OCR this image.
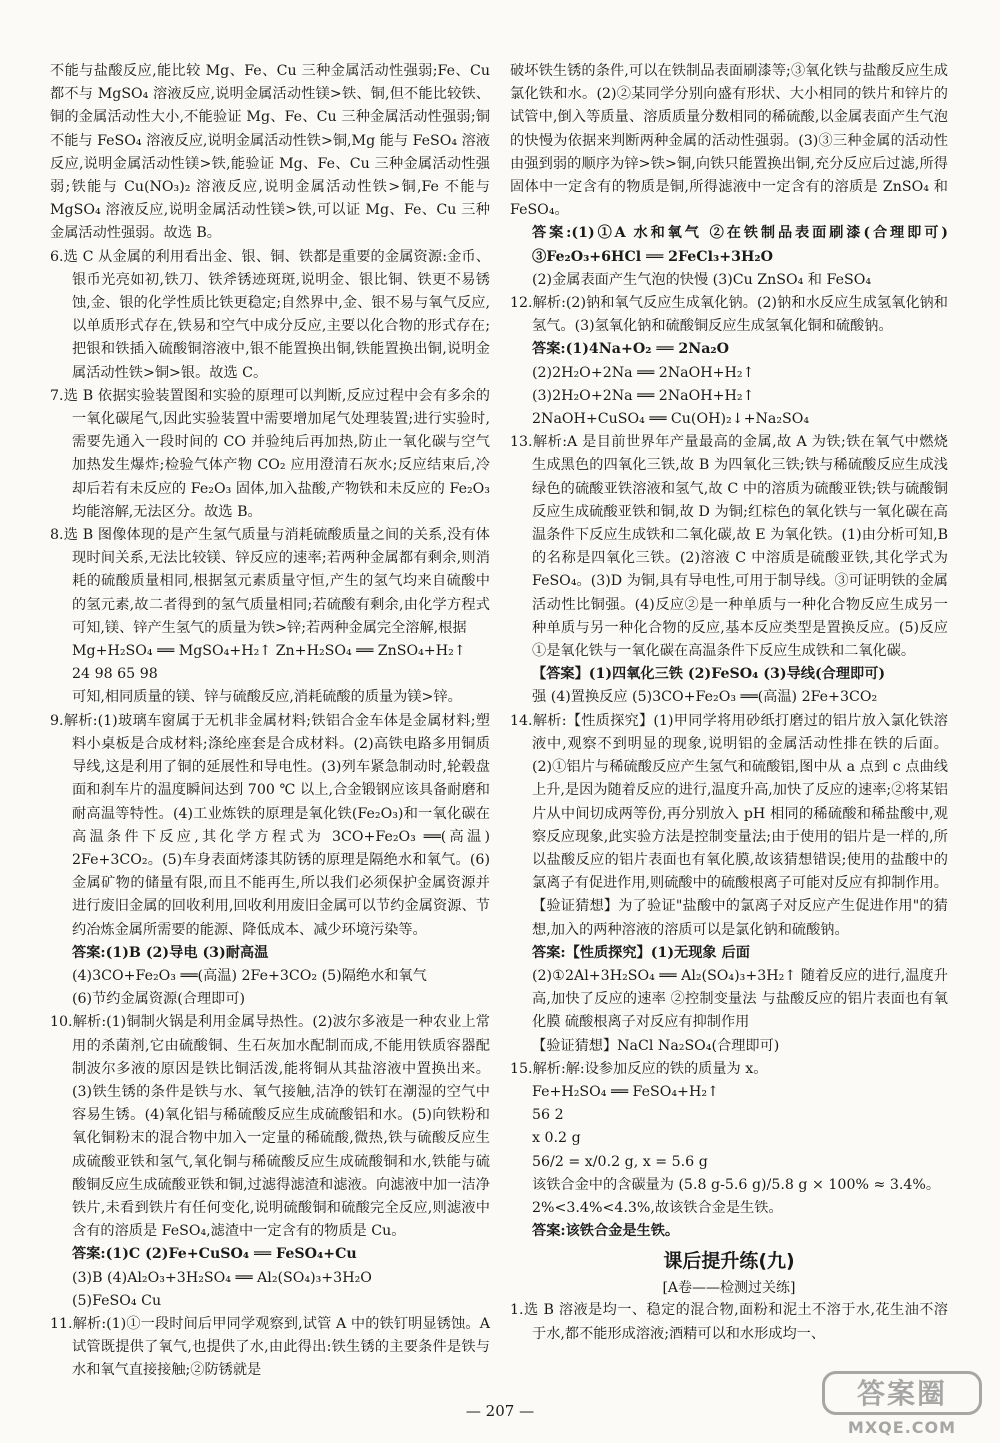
不能与盐酸反应,能比较 Mg、Fe、Cu 三种金属活动性强弱;Fe、Cu 都不与 MgSO₄ 溶液反应,说明金属活动性镁>铁、铜,但不能比较铁、铜的金属活动性大小,不能验证 Mg、Fe、Cu 三种金属活动性强弱;铜不能与 FeSO₄ 溶液反应,说明金属活动性铁>铜,Mg 能与 FeSO₄ 溶液反应,说明金属活动性镁>铁,能验证 Mg、Fe、Cu 三种金属活动性强弱;铁能与 Cu(NO₃)₂ 溶液反应,说明金属活动性铁>铜,Fe 不能与 MgSO₄ 溶液反应,说明金属活动性镁>铁,可以证 Mg、Fe、Cu 三种金属活动性强弱。故选 B。

6.选 C 从金属的利用看出金、银、铜、铁都是重要的金属资源:金币、银币光亮如初,铁刀、铁斧锈迹斑斑,说明金、银比铜、铁更不易锈蚀,金、银的化学性质比铁更稳定;自然界中,金、银不易与氧气反应,以单质形式存在,铁易和空气中成分反应,主要以化合物的形式存在;把银和铁插入硫酸铜溶液中,银不能置换出铜,铁能置换出铜,说明金属活动性铁>铜>银。故选 C。

7.选 B 依据实验装置图和实验的原理可以判断,反应过程中会有多余的一氧化碳尾气,因此实验装置中需要增加尾气处理装置;进行实验时,需要先通入一段时间的 CO 并验纯后再加热,防止一氧化碳与空气加热发生爆炸;检验气体产物 CO₂ 应用澄清石灰水;反应结束后,冷却后若有未反应的 Fe₂O₃ 固体,加入盐酸,产物铁和未反应的 Fe₂O₃ 均能溶解,无法区分。故选 B。

8.选 B 图像体现的是产生氢气质量与消耗硫酸质量之间的关系,没有体现时间关系,无法比较镁、锌反应的速率;若两种金属都有剩余,则消耗的硫酸质量相同,根据氢元素质量守恒,产生的氢气均来自硫酸中的氢元素,故二者得到的氢气质量相同;若硫酸有剩余,由化学方程式可知,镁、锌产生氢气的质量为铁>锌;若两种金属完全溶解,根据

Mg+H₂SO₄ ══ MgSO₄+H₂↑ Zn+H₂SO₄ ══ ZnSO₄+H₂↑

24 98 65 98

可知,相同质量的镁、锌与硫酸反应,消耗硫酸的质量为镁>锌。

9.解析:(1)玻璃车窗属于无机非金属材料;铁铝合金车体是金属材料;塑料小桌板是合成材料;涤纶座套是合成材料。(2)高铁电路多用铜质导线,这是利用了铜的延展性和导电性。(3)列车紧急制动时,轮毂盘面和刹车片的温度瞬间达到 700 ℃ 以上,合金锻钢应该具备耐磨和耐高温等特性。(4)工业炼铁的原理是氧化铁(Fe₂O₃)和一氧化碳在高温条件下反应,其化学方程式为 3CO+Fe₂O₃ ══(高温) 2Fe+3CO₂。(5)车身表面烤漆其防锈的原理是隔绝水和氧气。(6)金属矿物的储量有限,而且不能再生,所以我们必须保护金属资源并进行废旧金属的回收利用,回收利用废旧金属可以节约金属资源、节约冶炼金属所需要的能源、降低成本、减少环境污染等。

答案:(1)B (2)导电 (3)耐高温

(4)3CO+Fe₂O₃ ══(高温) 2Fe+3CO₂ (5)隔绝水和氧气

(6)节约金属资源(合理即可)

10.解析:(1)铜制火锅是利用金属导热性。(2)波尔多液是一种农业上常用的杀菌剂,它由硫酸铜、生石灰加水配制而成,不能用铁质容器配制波尔多液的原因是铁比铜活泼,能将铜从其盐溶液中置换出来。(3)铁生锈的条件是铁与水、氧气接触,洁净的铁钉在潮湿的空气中容易生锈。(4)氧化铝与稀硫酸反应生成硫酸铝和水。(5)向铁粉和氧化铜粉末的混合物中加入一定量的稀硫酸,微热,铁与硫酸反应生成硫酸亚铁和氢气,氧化铜与稀硫酸反应生成硫酸铜和水,铁能与硫酸铜反应生成硫酸亚铁和铜,过滤得滤渣和滤液。向滤液中加一洁净铁片,未看到铁片有任何变化,说明硫酸铜和硫酸完全反应,则滤液中含有的溶质是 FeSO₄,滤渣中一定含有的物质是 Cu。

答案:(1)C (2)Fe+CuSO₄ ══ FeSO₄+Cu

(3)B (4)Al₂O₃+3H₂SO₄ ══ Al₂(SO₄)₃+3H₂O

(5)FeSO₄ Cu

11.解析:(1)①一段时间后甲同学观察到,试管 A 中的铁钉明显锈蚀。A 试管既提供了氧气,也提供了水,由此得出:铁生锈的主要条件是铁与水和氧气直接接触;②防锈就是

破坏铁生锈的条件,可以在铁制品表面刷漆等;③氧化铁与盐酸反应生成氯化铁和水。(2)②某同学分别向盛有形状、大小相同的铁片和锌片的试管中,倒入等质量、溶质质量分数相同的稀硫酸,以金属表面产生气泡的快慢为依据来判断两种金属的活动性强弱。(3)③三种金属的活动性由强到弱的顺序为锌>铁>铜,向铁只能置换出铜,充分反应后过滤,所得固体中一定含有的物质是铜,所得滤液中一定含有的溶质是 ZnSO₄ 和 FeSO₄。

答案:(1)①A 水和氧气 ②在铁制品表面刷漆(合理即可) ③Fe₂O₃+6HCl ══ 2FeCl₃+3H₂O

(2)金属表面产生气泡的快慢 (3)Cu ZnSO₄ 和 FeSO₄

12.解析:(2)钠和氧气反应生成氧化钠。(2)钠和水反应生成氢氧化钠和氢气。(3)氢氧化钠和硫酸铜反应生成氢氧化铜和硫酸钠。

答案:(1)4Na+O₂ ══ 2Na₂O

(2)2H₂O+2Na ══ 2NaOH+H₂↑

(3)2H₂O+2Na ══ 2NaOH+H₂↑

2NaOH+CuSO₄ ══ Cu(OH)₂↓+Na₂SO₄

13.解析:A 是目前世界年产量最高的金属,故 A 为铁;铁在氧气中燃烧生成黑色的四氧化三铁,故 B 为四氧化三铁;铁与稀硫酸反应生成浅绿色的硫酸亚铁溶液和氢气,故 C 中的溶质为硫酸亚铁;铁与硫酸铜反应生成硫酸亚铁和铜,故 D 为铜;红棕色的氧化铁与一氧化碳在高温条件下反应生成铁和二氧化碳,故 E 为氧化铁。(1)由分析可知,B 的名称是四氧化三铁。(2)溶液 C 中溶质是硫酸亚铁,其化学式为 FeSO₄。(3)D 为铜,具有导电性,可用于制导线。③可证明铁的金属活动性比铜强。(4)反应②是一种单质与一种化合物反应生成另一种单质与另一种化合物的反应,基本反应类型是置换反应。(5)反应①是氧化铁与一氧化碳在高温条件下反应生成铁和二氧化碳。

【答案】(1)四氧化三铁 (2)FeSO₄ (3)导线(合理即可)

强 (4)置换反应 (5)3CO+Fe₂O₃ ══(高温) 2Fe+3CO₂

14.解析:【性质探究】(1)甲同学将用砂纸打磨过的铝片放入氯化铁溶液中,观察不到明显的现象,说明铝的金属活动性排在铁的后面。(2)①铝片与稀硫酸反应产生氢气和硫酸铝,图中从 a 点到 c 点曲线上升,是因为随着反应的进行,温度升高,加快了反应的速率;②将某铝片从中间切成两等份,再分别放入 pH 相同的稀硫酸和稀盐酸中,观察反应现象,此实验方法是控制变量法;由于使用的铝片是一样的,所以盐酸反应的铝片表面也有氧化膜,故该猜想错误;使用的盐酸中的氯离子有促进作用,则硫酸中的硫酸根离子可能对反应有抑制作用。

【验证猜想】为了验证"盐酸中的氯离子对反应产生促进作用"的猜想,加入的两种溶液的溶质可以是氯化钠和硫酸钠。

答案:【性质探究】(1)无现象 后面

(2)①2Al+3H₂SO₄ ══ Al₂(SO₄)₃+3H₂↑ 随着反应的进行,温度升高,加快了反应的速率 ②控制变量法 与盐酸反应的铝片表面也有氧化膜 硫酸根离子对反应有抑制作用

【验证猜想】NaCl Na₂SO₄(合理即可)

15.解析:解:设参加反应的铁的质量为 x。

Fe+H₂SO₄ ══ FeSO₄+H₂↑

56 2

x 0.2 g

56/2 = x/0.2 g, x = 5.6 g

该铁合金中的含碳量为 (5.8 g-5.6 g)/5.8 g × 100% ≈ 3.4%。

2%<3.4%<4.3%,故该铁合金是生铁。

答案:该铁合金是生铁。

课后提升练(九)
[A卷——检测过关练]

1.选 B 溶液是均一、稳定的混合物,面粉和泥土不溶于水,花生油不溶于水,都不能形成溶液;酒精可以和水形成均一、

— 207 —
答案圈
MXQE.COM
